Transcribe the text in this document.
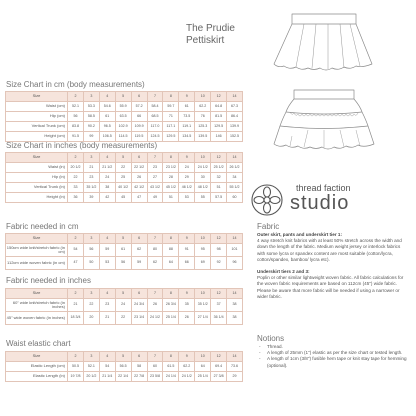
The Prudie
Pettiskirt
Size Chart in cm (body measurements)
Size	2	3	4	5	6	7	8	9	10	12	14
Waist (cm)	52.1	53.3	54.6	55.9	57.2	58.4	59.7	61	62.2	64.8	67.3
Hip (cm)	56	58.5	61	63.5	66	68.5	71	73.5	76	81.5	86.4
Vertical Trunk (cm)	83.8	90.2	96.5	102.9	109.9	117.0	117.1	119.1	125.3	129.5	139.9
Height (cm)	91.5	99	106.5	114.5	119.5	124.5	129.5	134.5	139.5	146	152.5
Size Chart in inches (body measurements)
Size	2	3	4	5	6	7	8	9	10	12	14
Waist (in)	20 1/2	21	21 1/2	22	22 1/2	23	23 1/2	24	24 1/2	25 1/2	26 1/2
Hip (in)	22	23	24	25	26	27	28	29	30	32	34
Vertical Trunk (in)	33	35 1/2	38	40 1/2	42 1/2	43 1/2	45 1/2	46 1/2	48 1/2	51	55 1/2
Height (in)	36	39	42	45	47	49	51	53	55	57.5	60
Fabric needed in cm
Size	2	3	4	5	6	7	8	9	10	12	14
150cm wide knit/stretch fabric (in cm)	54	56	59	61	62	80	88	91	95	98	101
112cm wide woven fabric (in cm)	47	50	53	56	59	62	64	66	69	92	96
Fabric needed in inches
Size	2	3	4	5	6	7	8	9	10	12	14
60" wide knit/stretch fabric (in inches)	21	22	23	24	24 3/4	26	26 3/4	35	35 1/2	37	38
45" wide woven fabric (in inches)	18 3/4	20	21	22	23 1/4	24 1/2	25 1/4	26	27 1/4	36 1/4	38
Waist elastic chart
Size	2	3	4	5	6	7	8	9	10	12	14
Elastic Length (cm)	50.5	52.1	54	56.5	58	60	61.5	62.2	64	69.4	73.6
Elastic Length (in)	19 7/8	20 1/2	21 1/4	22 1/4	22 7/8	23 5/8	24 1/4	24 1/2	25 1/4	27 3/8	29
thread faction
studio
Fabric

Outer skirt, pants and underskirt tier 1:

4 way stretch knit fabrics with at least 50% stretch across the width and down the length of the fabric. Medium weight jersey or interlock fabrics with some lycra or spandex content are most suitable (cotton/lycra, cotton/spandex, bamboo/ lycra etc).

Underskirt tiers 2 and 3:

Poplin or other similar lightweight woven fabric. All fabric calculations for the woven fabric requirements are based on 112cm (45") wide fabric. Please be aware that more fabric will be needed if using a narrower or wider fabric.

Notions
- Thread.
- A length of 25mm (1") elastic as per the size chart or tested length.
- A length of 1cm (3/8") fusible hem tape or knit stay tape for hemming (optional).
